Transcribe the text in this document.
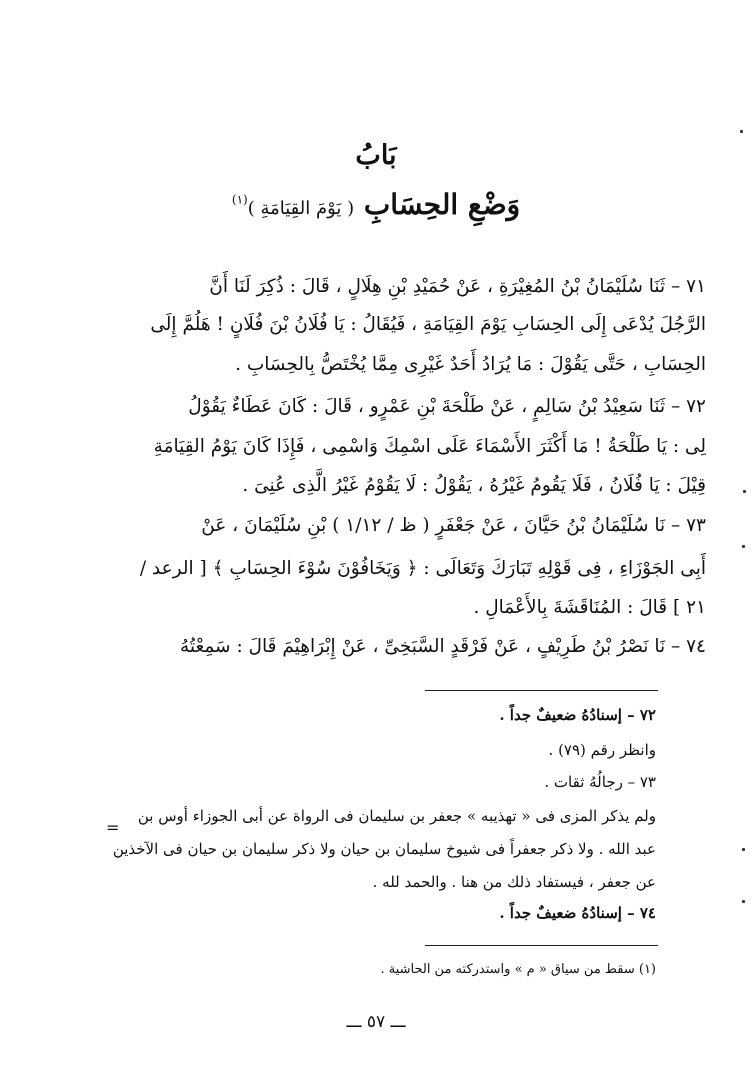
بَابُ
وَضْعِ الحِسَابِ ( يَوْمَ القِيَامَةِ )$^{(١)}$
٧١ – ثَنَا سُلَيْمَانُ بْنُ المُغِيْرَةِ ، عَنْ حُمَيْدِ بْنِ هِلَالٍ ، قَالَ : ذُكِرَ لَنَا أَنَّ
الرَّجُلَ يُدْعَى إِلَى الحِسَابِ يَوْمَ القِيَامَةِ ، فَيُقَالُ : يَا فُلَانُ بْنَ فُلَانٍ ! هَلُمَّ إِلَى
الحِسَابِ ، حَتَّى يَقُوْلَ : مَا يُرَادُ أَحَدٌ غَيْرِى مِمَّا يُخْتَصُّ بِالحِسَابِ .
٧٢ – ثَنَا سَعِيْدُ بْنُ سَالِمٍ ، عَنْ طَلْحَةَ بْنِ عَمْرٍو ، قَالَ : كَانَ عَطَاءٌ يَقُوْلُ
لِى : يَا طَلْحَةُ ! مَا أَكْثَرَ الأَسْمَاءَ عَلَى اسْمِكَ وَاسْمِى ، فَإِذَا كَانَ يَوْمُ القِيَامَةِ
قِيْلَ : يَا فُلَانُ ، فَلَا يَقُومُ غَيْرُهُ ، يَقُوْلُ : لَا يَقُوْمُ غَيْرُ الَّذِى عُنِىَ .
٧٣ – نَا سُلَيْمَانُ بْنُ حَيَّانَ ، عَنْ جَعْفَرٍ ( ظ / ١/١٢ ) بْنِ سُلَيْمَانَ ، عَنْ
أَبِى الجَوْزَاءِ ، فِى قَوْلِهِ تَبَارَكَ وَتَعَالَى : ﴿ وَيَخَافُوْنَ سُوْءَ الحِسَابِ ﴾ [ الرعد /
٢١ ] قَالَ : المُنَاقَشَةَ بِالأَعْمَالِ .
٧٤ – نَا نَصْرُ بْنُ طَرِيْفٍ ، عَنْ فَرْقَدٍ السَّبَخِىِّ ، عَنْ إِبْرَاهِيْمَ قَالَ : سَمِعْتُهُ
٧٢ – إسنادُهُ ضعيفٌ جداً .
وانظر رقم (٧٩) .
٧٣ – رجالُهُ ثقات .
ولم يذكر المزى فى « تهذيبه » جعفر بن سليمان فى الرواة عن أبى الجوزاء أوس بن
عبد الله . ولا ذكر جعفراً فى شيوخ سليمان بن حيان ولا ذكر سليمان بن حيان فى الآخذين
عن جعفر ، فيستفاد ذلك من هنا . والحمد لله .
٧٤ – إسنادُهُ ضعيفٌ جداً .
=
(١) سقط من سياق « م » واستدركته من الحاشية .
ـــ ٥٧ ـــ
